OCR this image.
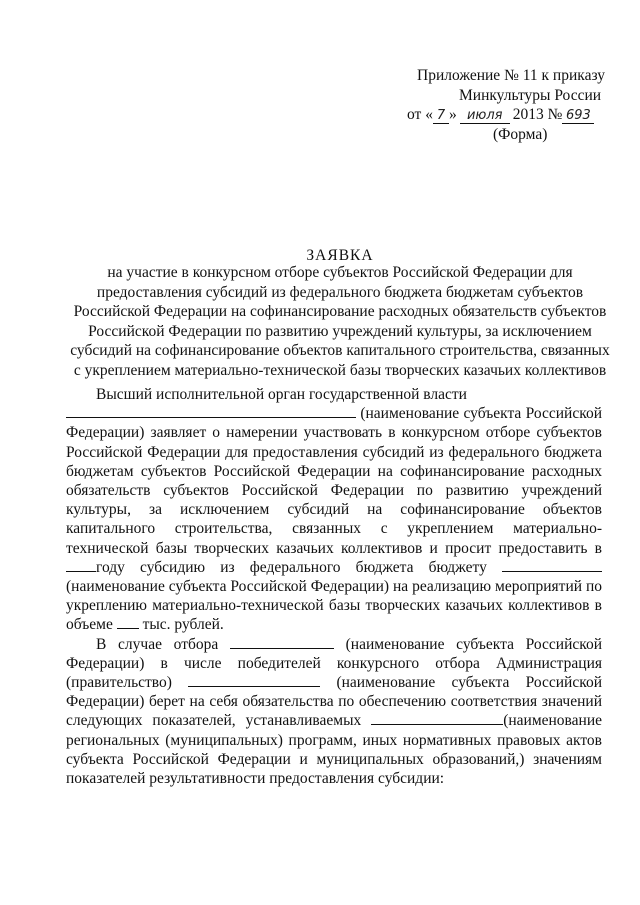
Приложение № 11 к приказу
Минкультуры России
от « 7 » июля 2013 № 693
(Форма)
ЗАЯВКА
на участие в конкурсном отборе субъектов Российской Федерации для предоставления субсидий из федерального бюджета бюджетам субъектов Российской Федерации на софинансирование расходных обязательств субъектов Российской Федерации по развитию учреждений культуры, за исключением субсидий на софинансирование объектов капитального строительства, связанных с укреплением материально-технической базы творческих казачьих коллективов

Высший исполнительной орган государственной власти
(наименование субъекта Российской Федерации) заявляет о намерении участвовать в конкурсном отборе субъектов Российской Федерации для предоставления субсидий из федерального бюджета бюджетам субъектов Российской Федерации на софинансирование расходных обязательств субъектов Российской Федерации по развитию учреждений культуры, за исключением субсидий на софинансирование объектов капитального строительства, связанных с укреплением материально-технической базы творческих казачьих коллективов и просит предоставить в году субсидию из федерального бюджета бюджету  (наименование субъекта Российской Федерации) на реализацию мероприятий по укреплению материально-технической базы творческих казачьих коллективов в объеме тыс. рублей.

В случае отбора	(наименование субъекта Российской Федерации) в числе победителей конкурсного отбора Администрация (правительство)	(наименование субъекта Российской Федерации) берет на себя обязательства по обеспечению соответствия значений следующих показателей, устанавливаемых	(наименование региональных (муниципальных) программ, иных нормативных правовых актов субъекта Российской Федерации и муниципальных образований,) значениям показателей результативности предоставления субсидии:
